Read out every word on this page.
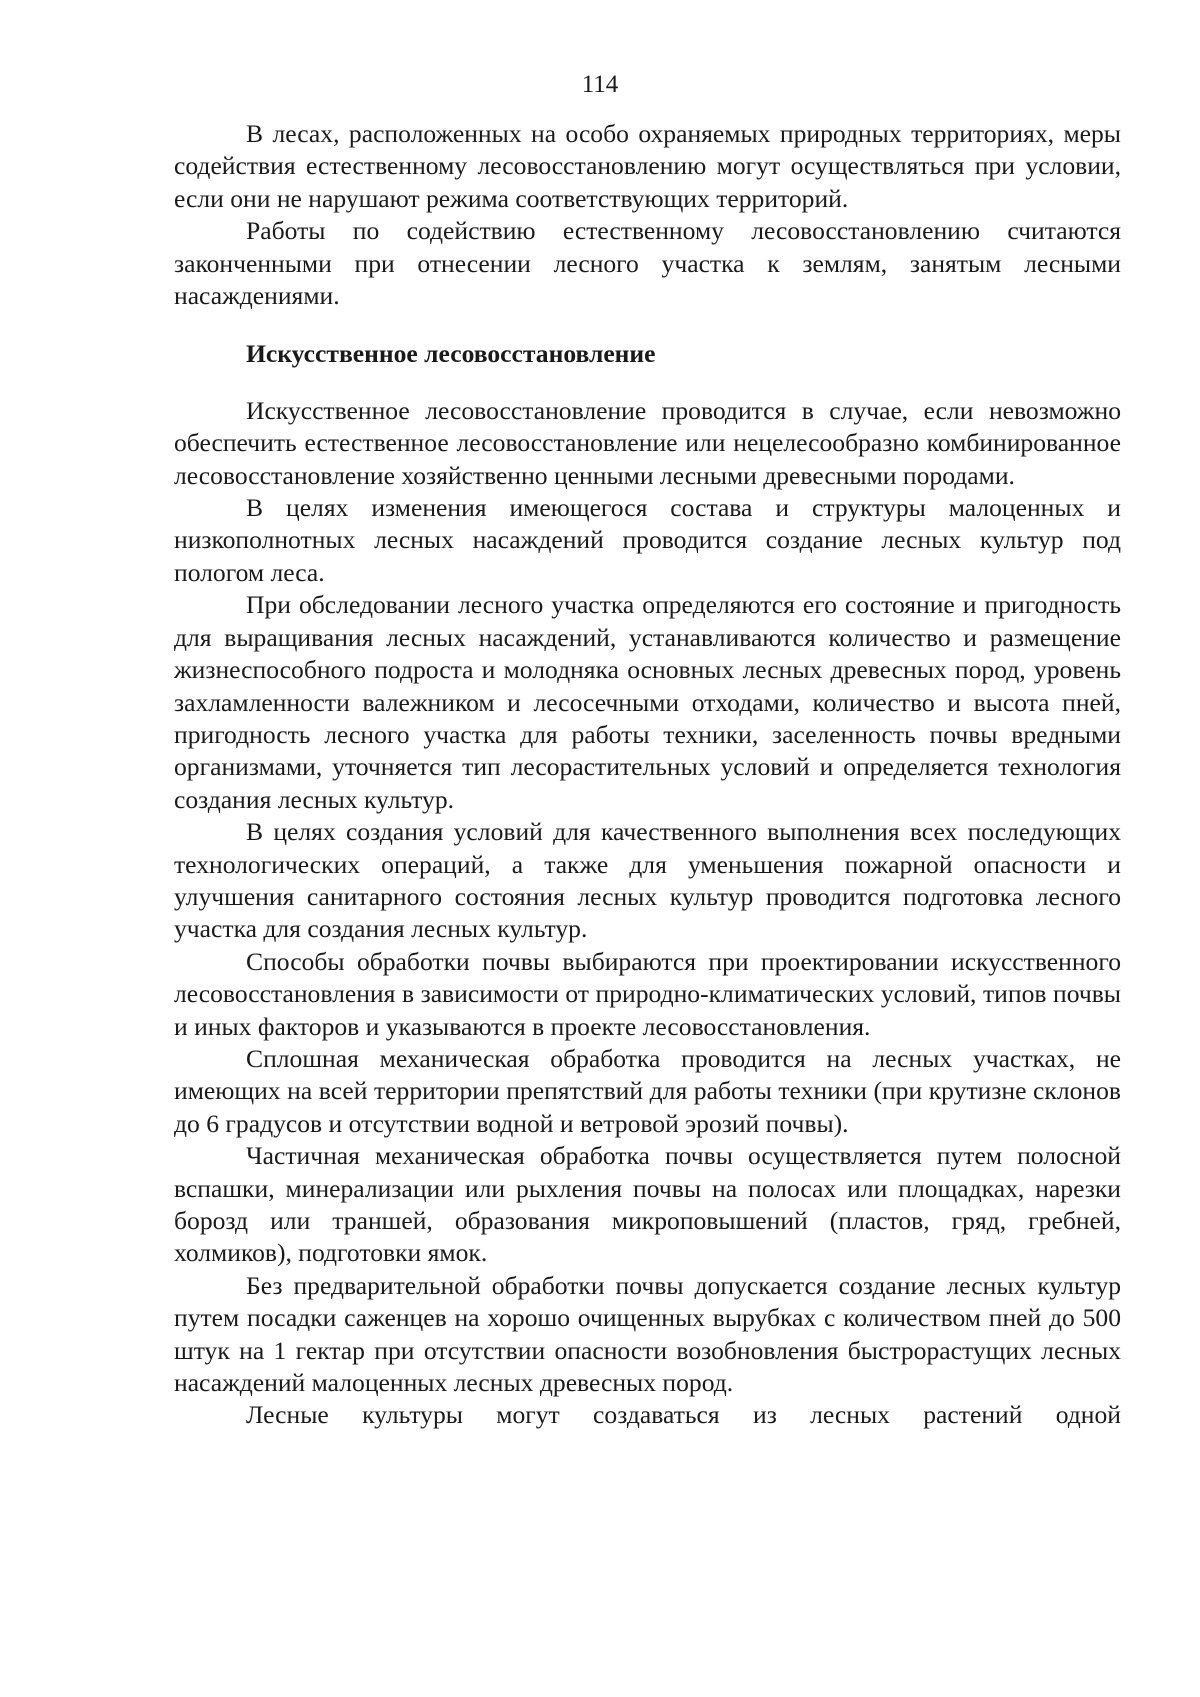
114

В лесах, расположенных на особо охраняемых природных территориях, меры содействия естественному лесовосстановлению могут осуществляться при условии, если они не нарушают режима соответствующих территорий.

Работы по содействию естественному лесовосстановлению считаются законченными при отнесении лесного участка к землям, занятым лесными насаждениями.

Искусственное лесовосстановление

Искусственное лесовосстановление проводится в случае, если невозможно обеспечить естественное лесовосстановление или нецелесообразно комбинированное лесовосстановление хозяйственно ценными лесными древесными породами.

В целях изменения имеющегося состава и структуры малоценных и низкополнотных лесных насаждений проводится создание лесных культур под пологом леса.

При обследовании лесного участка определяются его состояние и пригодность для выращивания лесных насаждений, устанавливаются количество и размещение жизнеспособного подроста и молодняка основных лесных древесных пород, уровень захламленности валежником и лесосечными отходами, количество и высота пней, пригодность лесного участка для работы техники, заселенность почвы вредными организмами, уточняется тип лесорастительных условий и определяется технология создания лесных культур.

В целях создания условий для качественного выполнения всех последующих технологических операций, а также для уменьшения пожарной опасности и улучшения санитарного состояния лесных культур проводится подготовка лесного участка для создания лесных культур.

Способы обработки почвы выбираются при проектировании искусственного лесовосстановления в зависимости от природно-климатических условий, типов почвы и иных факторов и указываются в проекте лесовосстановления.

Сплошная механическая обработка проводится на лесных участках, не имеющих на всей территории препятствий для работы техники (при крутизне склонов до 6 градусов и отсутствии водной и ветровой эрозий почвы).

Частичная механическая обработка почвы осуществляется путем полосной вспашки, минерализации или рыхления почвы на полосах или площадках, нарезки борозд или траншей, образования микроповышений (пластов, гряд, гребней, холмиков), подготовки ямок.

Без предварительной обработки почвы допускается создание лесных культур путем посадки саженцев на хорошо очищенных вырубках с количеством пней до 500 штук на 1 гектар при отсутствии опасности возобновления быстрорастущих лесных насаждений малоценных лесных древесных пород.

Лесные культуры могут создаваться из лесных растений одной
